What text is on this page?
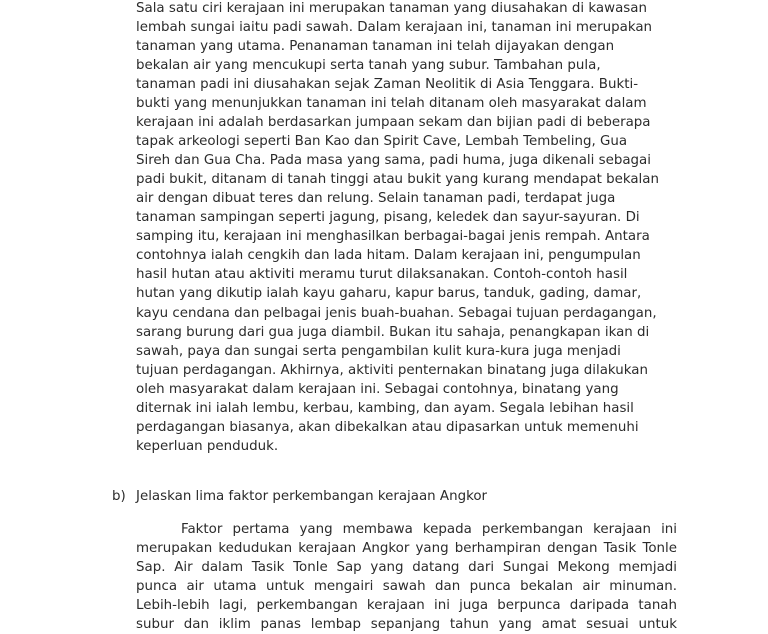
Sala satu ciri kerajaan ini merupakan tanaman yang diusahakan di kawasan
lembah sungai iaitu padi sawah. Dalam kerajaan ini, tanaman ini merupakan
tanaman yang utama. Penanaman tanaman ini telah dijayakan dengan
bekalan air yang mencukupi serta tanah yang subur. Tambahan pula,
tanaman padi ini diusahakan sejak Zaman Neolitik di Asia Tenggara. Bukti-
bukti yang menunjukkan tanaman ini telah ditanam oleh masyarakat dalam
kerajaan ini adalah berdasarkan jumpaan sekam dan bijian padi di beberapa
tapak arkeologi seperti Ban Kao dan Spirit Cave, Lembah Tembeling, Gua
Sireh dan Gua Cha. Pada masa yang sama, padi huma, juga dikenali sebagai
padi bukit, ditanam di tanah tinggi atau bukit yang kurang mendapat bekalan
air dengan dibuat teres dan relung. Selain tanaman padi, terdapat juga
tanaman sampingan seperti jagung, pisang, keledek dan sayur-sayuran. Di
samping itu, kerajaan ini menghasilkan berbagai-bagai jenis rempah. Antara
contohnya ialah cengkih dan lada hitam. Dalam kerajaan ini, pengumpulan
hasil hutan atau aktiviti meramu turut dilaksanakan. Contoh-contoh hasil
hutan yang dikutip ialah kayu gaharu, kapur barus, tanduk, gading, damar,
kayu cendana dan pelbagai jenis buah-buahan. Sebagai tujuan perdagangan,
sarang burung dari gua juga diambil. Bukan itu sahaja, penangkapan ikan di
sawah, paya dan sungai serta pengambilan kulit kura-kura juga menjadi
tujuan perdagangan. Akhirnya, aktiviti penternakan binatang juga dilakukan
oleh masyarakat dalam kerajaan ini. Sebagai contohnya, binatang yang
diternak ini ialah lembu, kerbau, kambing, dan ayam. Segala lebihan hasil
perdagangan biasanya, akan dibekalkan atau dipasarkan untuk memenuhi
keperluan penduduk.
b) Jelaskan lima faktor perkembangan kerajaan Angkor
Faktor pertama yang membawa kepada perkembangan kerajaan ini
merupakan kedudukan kerajaan Angkor yang berhampiran dengan Tasik Tonle
Sap. Air dalam Tasik Tonle Sap yang datang dari Sungai Mekong memjadi
punca air utama untuk mengairi sawah dan punca bekalan air minuman.
Lebih-lebih lagi, perkembangan kerajaan ini juga berpunca daripada tanah
subur dan iklim panas lembap sepanjang tahun yang amat sesuai untuk
